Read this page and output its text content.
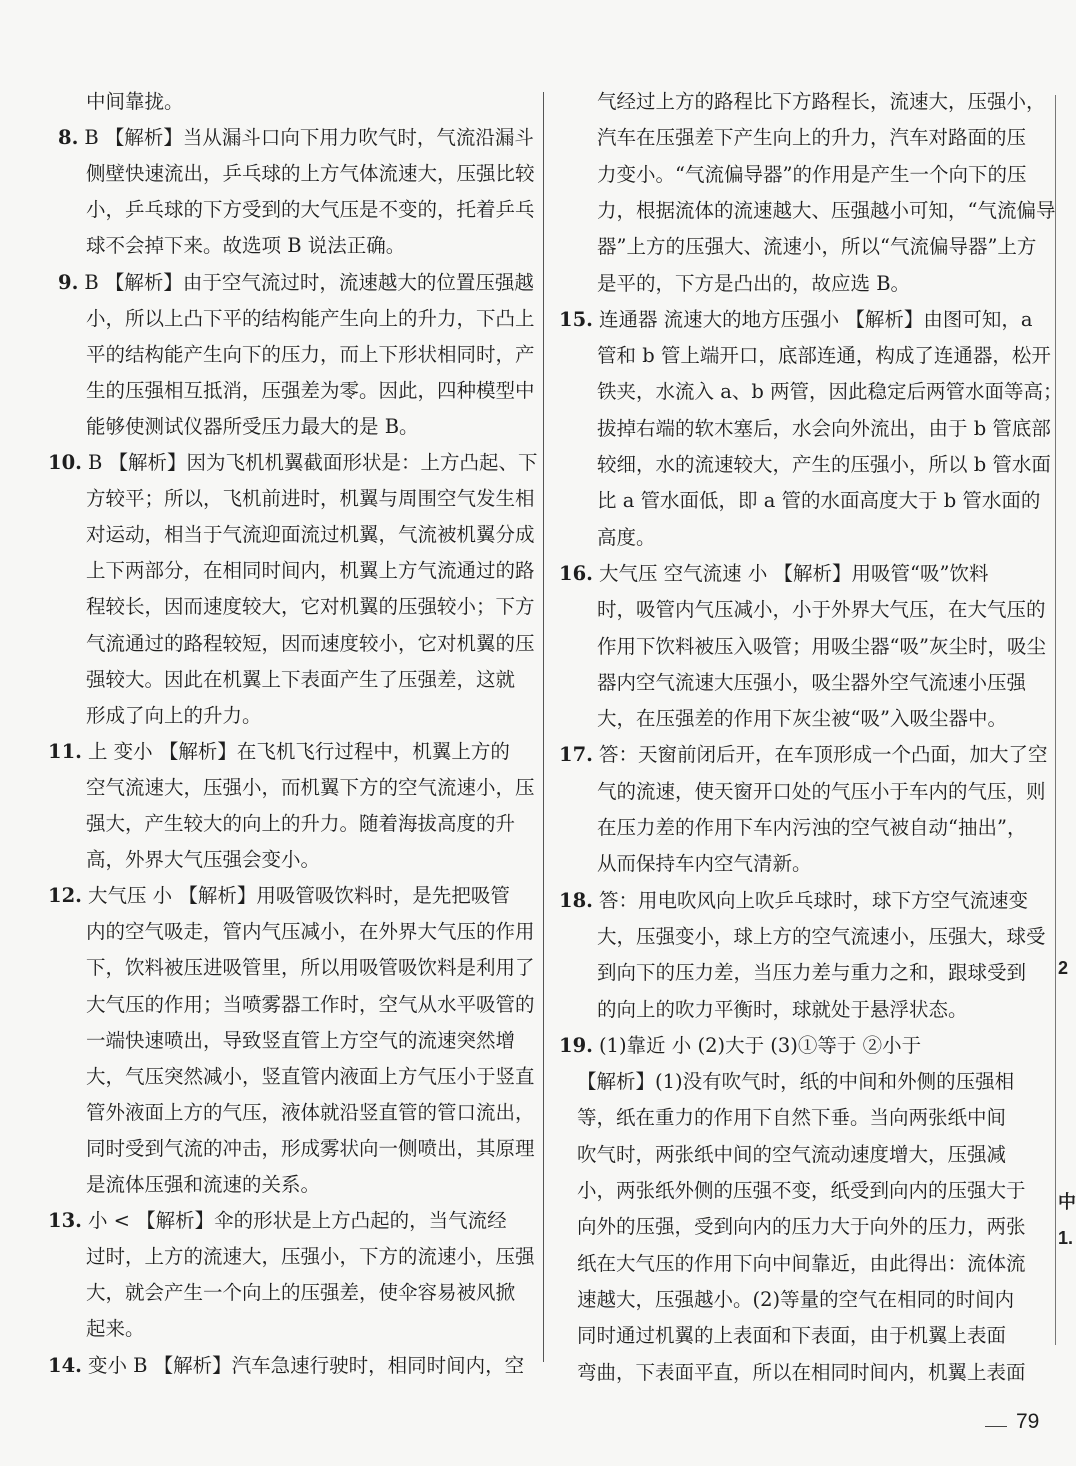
中间靠拢。
8. B 【解析】当从漏斗口向下用力吹气时，气流沿漏斗
侧壁快速流出，乒乓球的上方气体流速大，压强比较
小，乒乓球的下方受到的大气压是不变的，托着乒乓
球不会掉下来。故选项 B 说法正确。
9. B 【解析】由于空气流过时，流速越大的位置压强越
小，所以上凸下平的结构能产生向上的升力，下凸上
平的结构能产生向下的压力，而上下形状相同时，产
生的压强相互抵消，压强差为零。因此，四种模型中
能够使测试仪器所受压力最大的是 B。
10. B 【解析】因为飞机机翼截面形状是：上方凸起、下
方较平；所以，飞机前进时，机翼与周围空气发生相
对运动，相当于气流迎面流过机翼，气流被机翼分成
上下两部分，在相同时间内，机翼上方气流通过的路
程较长，因而速度较大，它对机翼的压强较小；下方
气流通过的路程较短，因而速度较小，它对机翼的压
强较大。因此在机翼上下表面产生了压强差，这就
形成了向上的升力。
11. 上 变小 【解析】在飞机飞行过程中，机翼上方的
空气流速大，压强小，而机翼下方的空气流速小，压
强大，产生较大的向上的升力。随着海拔高度的升
高，外界大气压强会变小。
12. 大气压 小 【解析】用吸管吸饮料时，是先把吸管
内的空气吸走，管内气压减小，在外界大气压的作用
下，饮料被压进吸管里，所以用吸管吸饮料是利用了
大气压的作用；当喷雾器工作时，空气从水平吸管的
一端快速喷出，导致竖直管上方空气的流速突然增
大，气压突然减小，竖直管内液面上方气压小于竖直
管外液面上方的气压，液体就沿竖直管的管口流出，
同时受到气流的冲击，形成雾状向一侧喷出，其原理
是流体压强和流速的关系。
13. 小 < 【解析】伞的形状是上方凸起的，当气流经
过时，上方的流速大，压强小，下方的流速小，压强
大，就会产生一个向上的压强差，使伞容易被风掀
起来。
14. 变小 B 【解析】汽车急速行驶时，相同时间内，空
气经过上方的路程比下方路程长，流速大，压强小，
汽车在压强差下产生向上的升力，汽车对路面的压
力变小。“气流偏导器”的作用是产生一个向下的压
力，根据流体的流速越大、压强越小可知，“气流偏导
器”上方的压强大、流速小，所以“气流偏导器”上方
是平的，下方是凸出的，故应选 B。
15. 连通器 流速大的地方压强小 【解析】由图可知，a
管和 b 管上端开口，底部连通，构成了连通器，松开
铁夹，水流入 a、b 两管，因此稳定后两管水面等高；
拔掉右端的软木塞后，水会向外流出，由于 b 管底部
较细，水的流速较大，产生的压强小，所以 b 管水面
比 a 管水面低，即 a 管的水面高度大于 b 管水面的
高度。
16. 大气压 空气流速 小 【解析】用吸管“吸”饮料
时，吸管内气压减小，小于外界大气压，在大气压的
作用下饮料被压入吸管；用吸尘器“吸”灰尘时，吸尘
器内空气流速大压强小，吸尘器外空气流速小压强
大，在压强差的作用下灰尘被“吸”入吸尘器中。
17. 答：天窗前闭后开，在车顶形成一个凸面，加大了空
气的流速，使天窗开口处的气压小于车内的气压，则
在压力差的作用下车内污浊的空气被自动“抽出”，
从而保持车内空气清新。
18. 答：用电吹风向上吹乒乓球时，球下方空气流速变
大，压强变小，球上方的空气流速小，压强大，球受
到向下的压力差，当压力差与重力之和，跟球受到
的向上的吹力平衡时，球就处于悬浮状态。
19. (1)靠近 小 (2)大于 (3)①等于 ②小于
【解析】(1)没有吹气时，纸的中间和外侧的压强相
等，纸在重力的作用下自然下垂。当向两张纸中间
吹气时，两张纸中间的空气流动速度增大，压强减
小，两张纸外侧的压强不变，纸受到向内的压强大于
向外的压强，受到向内的压力大于向外的压力，两张
纸在大气压的作用下向中间靠近，由此得出：流体流
速越大，压强越小。(2)等量的空气在相同的时间内
同时通过机翼的上表面和下表面，由于机翼上表面
弯曲，下表面平直，所以在相同时间内，机翼上表面
79
2
中
1.
